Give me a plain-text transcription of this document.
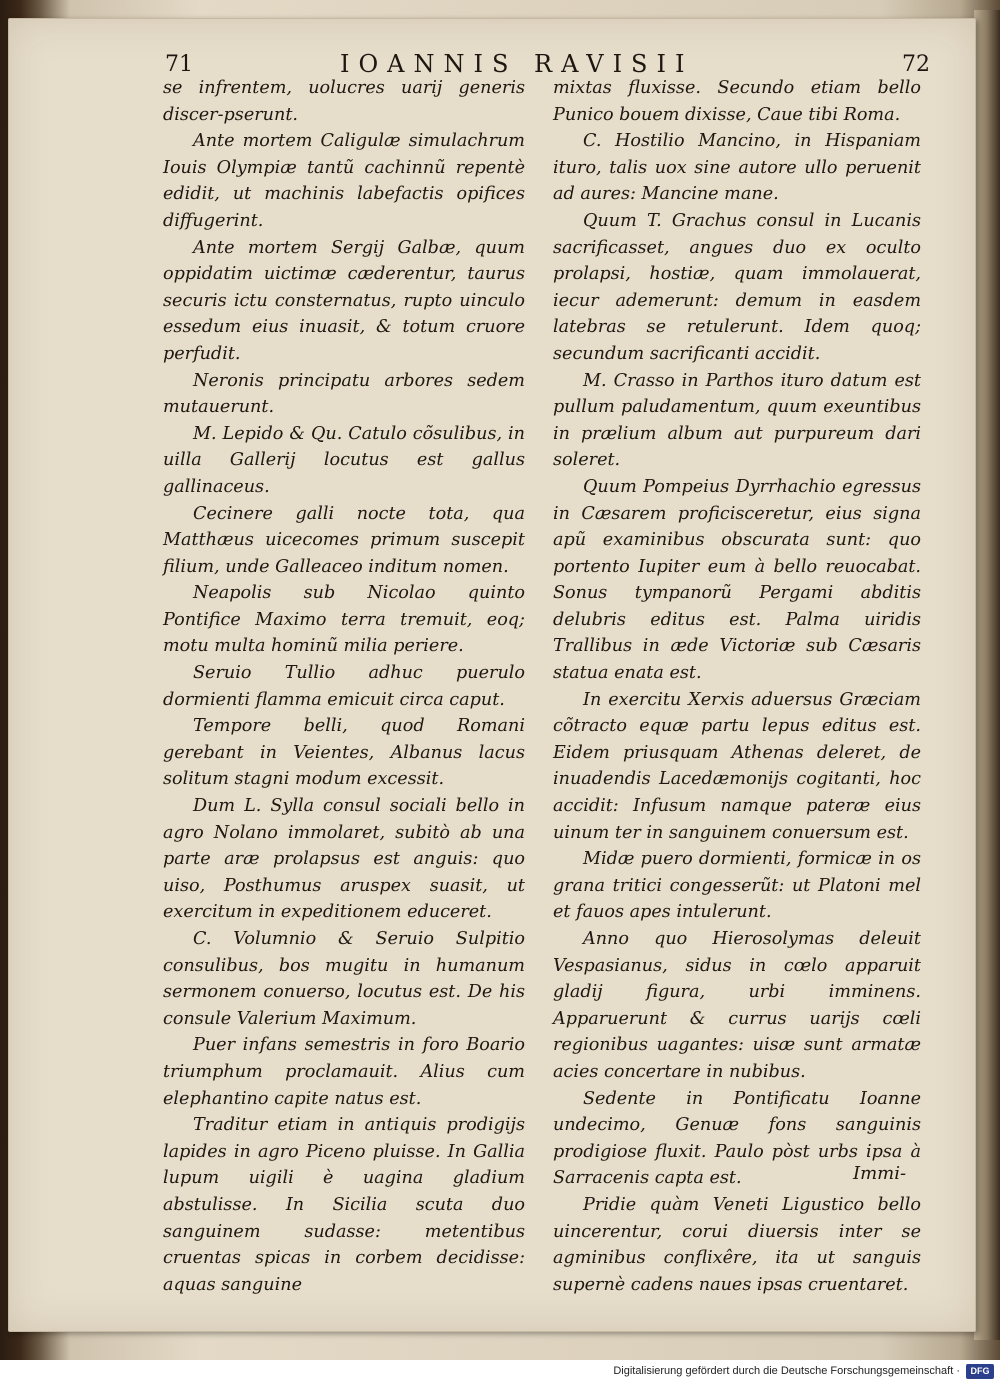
71	IOANNIS RAVISII	72

se infrentem, uolucres uarij generis discer-pserunt.

Ante mortem Caligulæ simulachrum Iouis Olympiæ tantũ cachinnũ repentè edidit, ut machinis labefactis opifices diffugerint.

Ante mortem Sergij Galbæ, quum oppidatim uictimæ cæderentur, taurus securis ictu consternatus, rupto uinculo essedum eius inuasit, & totum cruore perfudit.

Neronis principatu arbores sedem mutauerunt.

M. Lepido & Qu. Catulo cõsulibus, in uilla Gallerij locutus est gallus gallinaceus.

Cecinere galli nocte tota, qua Matthæus uicecomes primum suscepit filium, unde Galleaceo inditum nomen.

Neapolis sub Nicolao quinto Pontifice Maximo terra tremuit, eoq; motu multa hominũ milia periere.

Seruio Tullio adhuc puerulo dormienti flamma emicuit circa caput.

Tempore belli, quod Romani gerebant in Veientes, Albanus lacus solitum stagni modum excessit.

Dum L. Sylla consul sociali bello in agro Nolano immolaret, subitò ab una parte aræ prolapsus est anguis: quo uiso, Posthumus aruspex suasit, ut exercitum in expeditionem educeret.

C. Volumnio & Seruio Sulpitio consulibus, bos mugitu in humanum sermonem conuerso, locutus est. De his consule Valerium Maximum.

Puer infans semestris in foro Boario triumphum proclamauit. Alius cum elephantino capite natus est.

Traditur etiam in antiquis prodigijs lapides in agro Piceno pluisse. In Gallia lupum uigili è uagina gladium abstulisse. In Sicilia scuta duo sanguinem sudasse: metentibus cruentas spicas in corbem decidisse: aquas sanguine

mixtas fluxisse. Secundo etiam bello Punico bouem dixisse, Caue tibi Roma.

C. Hostilio Mancino, in Hispaniam ituro, talis uox sine autore ullo peruenit ad aures: Mancine mane.

Quum T. Grachus consul in Lucanis sacrificasset, angues duo ex oculto prolapsi, hostiæ, quam immolauerat, iecur ademerunt: demum in easdem latebras se retulerunt. Idem quoq; secundum sacrificanti accidit.

M. Crasso in Parthos ituro datum est pullum paludamentum, quum exeuntibus in prælium album aut purpureum dari soleret.

Quum Pompeius Dyrrhachio egressus in Cæsarem proficisceretur, eius signa apũ examinibus obscurata sunt: quo portento Iupiter eum à bello reuocabat. Sonus tympanorũ Pergami abditis delubris editus est. Palma uiridis Trallibus in æde Victoriæ sub Cæsaris statua enata est.

In exercitu Xerxis aduersus Græciam cõtracto equæ partu lepus editus est. Eidem priusquam Athenas deleret, de inuadendis Lacedæmonijs cogitanti, hoc accidit: Infusum namque pateræ eius uinum ter in sanguinem conuersum est.

Midæ puero dormienti, formicæ in os grana tritici congesserũt: ut Platoni mel et fauos apes intulerunt.

Anno quo Hierosolymas deleuit Vespasianus, sidus in cœlo apparuit gladij figura, urbi imminens. Apparuerunt & currus uarijs cœli regionibus uagantes: uisæ sunt armatæ acies concertare in nubibus.

Sedente in Pontificatu Ioanne undecimo, Genuæ fons sanguinis prodigiose fluxit. Paulo pòst urbs ipsa à Sarracenis capta est.

Pridie quàm Veneti Ligustico bello uincerentur, corui diuersis inter se agminibus conflixêre, ita ut sanguis supernè cadens naues ipsas cruentaret.

Immi-
Digitalisierung gefördert durch die Deutsche Forschungsgemeinschaft ·	DFG
